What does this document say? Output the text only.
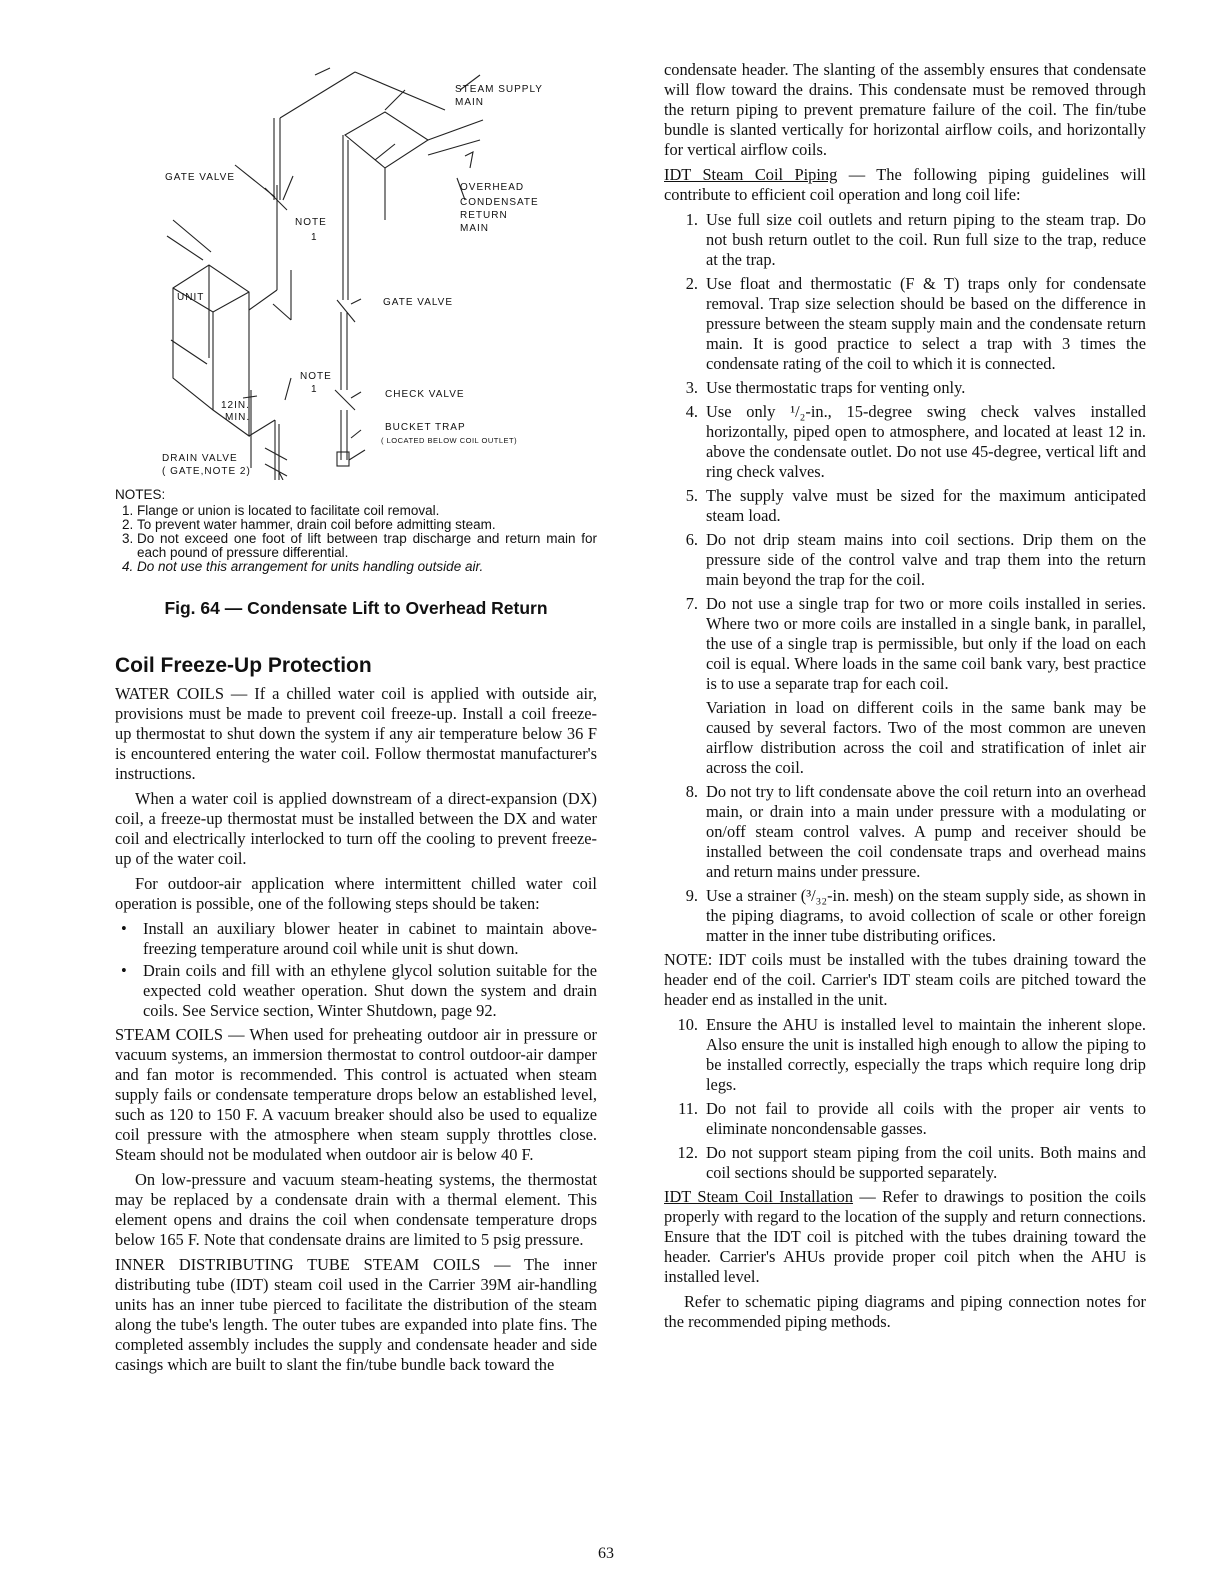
STEAM SUPPLY
MAIN
GATE VALVE
NOTE
1
OVERHEAD
CONDENSATE
RETURN
MAIN
UNIT	GATE VALVE
NOTE
1	CHECK VALVE
12IN.
MIN.
BUCKET TRAP
( LOCATED BELOW COIL OUTLET)
DRAIN VALVE
( GATE,NOTE 2)
NOTES:
1. Flange or union is located to facilitate coil removal.
2. To prevent water hammer, drain coil before admitting steam.
3. Do not exceed one foot of lift between trap discharge and return main for each pound of pressure differential.
4. Do not use this arrangement for units handling outside air.
Fig. 64 — Condensate Lift to Overhead Return
Coil Freeze-Up Protection

WATER COILS — If a chilled water coil is applied with outside air, provisions must be made to prevent coil freeze-up. Install a coil freeze-up thermostat to shut down the system if any air temperature below 36 F is encountered entering the water coil. Follow thermostat manufacturer's instructions.

When a water coil is applied downstream of a direct-expansion (DX) coil, a freeze-up thermostat must be installed between the DX and water coil and electrically interlocked to turn off the cooling to prevent freeze-up of the water coil.

For outdoor-air application where intermittent chilled water coil operation is possible, one of the following steps should be taken:

• Install an auxiliary blower heater in cabinet to maintain above-freezing temperature around coil while unit is shut down.
• Drain coils and fill with an ethylene glycol solution suitable for the expected cold weather operation. Shut down the system and drain coils. See Service section, Winter Shutdown, page 92.

STEAM COILS — When used for preheating outdoor air in pressure or vacuum systems, an immersion thermostat to control outdoor-air damper and fan motor is recommended. This control is actuated when steam supply fails or condensate temperature drops below an established level, such as 120 to 150 F. A vacuum breaker should also be used to equalize coil pressure with the atmosphere when steam supply throttles close. Steam should not be modulated when outdoor air is below 40 F.

On low-pressure and vacuum steam-heating systems, the thermostat may be replaced by a condensate drain with a thermal element. This element opens and drains the coil when condensate temperature drops below 165 F. Note that condensate drains are limited to 5 psig pressure.

INNER DISTRIBUTING TUBE STEAM COILS — The inner distributing tube (IDT) steam coil used in the Carrier 39M air-handling units has an inner tube pierced to facilitate the distribution of the steam along the tube's length. The outer tubes are expanded into plate fins. The completed assembly includes the supply and condensate header and side casings which are built to slant the fin/tube bundle back toward the

condensate header. The slanting of the assembly ensures that condensate will flow toward the drains. This condensate must be removed through the return piping to prevent premature failure of the coil. The fin/tube bundle is slanted vertically for horizontal airflow coils, and horizontally for vertical airflow coils.

IDT Steam Coil Piping — The following piping guidelines will contribute to efficient coil operation and long coil life:

1. Use full size coil outlets and return piping to the steam trap. Do not bush return outlet to the coil. Run full size to the trap, reduce at the trap.
2. Use float and thermostatic (F & T) traps only for condensate removal. Trap size selection should be based on the difference in pressure between the steam supply main and the condensate return main. It is good practice to select a trap with 3 times the condensate rating of the coil to which it is connected.
3. Use thermostatic traps for venting only.
4. Use only ¹/₂-in., 15-degree swing check valves installed horizontally, piped open to atmosphere, and located at least 12 in. above the condensate outlet. Do not use 45-degree, vertical lift and ring check valves.
5. The supply valve must be sized for the maximum anticipated steam load.
6. Do not drip steam mains into coil sections. Drip them on the pressure side of the control valve and trap them into the return main beyond the trap for the coil.
7. Do not use a single trap for two or more coils installed in series. Where two or more coils are installed in a single bank, in parallel, the use of a single trap is permissible, but only if the load on each coil is equal. Where loads in the same coil bank vary, best practice is to use a separate trap for each coil.
Variation in load on different coils in the same bank may be caused by several factors. Two of the most common are uneven airflow distribution across the coil and stratification of inlet air across the coil.
8. Do not try to lift condensate above the coil return into an overhead main, or drain into a main under pressure with a modulating or on/off steam control valves. A pump and receiver should be installed between the coil condensate traps and overhead mains and return mains under pressure.
9. Use a strainer (³/₃₂-in. mesh) on the steam supply side, as shown in the piping diagrams, to avoid collection of scale or other foreign matter in the inner tube distributing orifices.

NOTE: IDT coils must be installed with the tubes draining toward the header end of the coil. Carrier's IDT steam coils are pitched toward the header end as installed in the unit.

10. Ensure the AHU is installed level to maintain the inherent slope. Also ensure the unit is installed high enough to allow the piping to be installed correctly, especially the traps which require long drip legs.
11. Do not fail to provide all coils with the proper air vents to eliminate noncondensable gasses.
12. Do not support steam piping from the coil units. Both mains and coil sections should be supported separately.

IDT Steam Coil Installation — Refer to drawings to position the coils properly with regard to the location of the supply and return connections. Ensure that the IDT coil is pitched with the tubes draining toward the header. Carrier's AHUs provide proper coil pitch when the AHU is installed level.

Refer to schematic piping diagrams and piping connection notes for the recommended piping methods.

63
